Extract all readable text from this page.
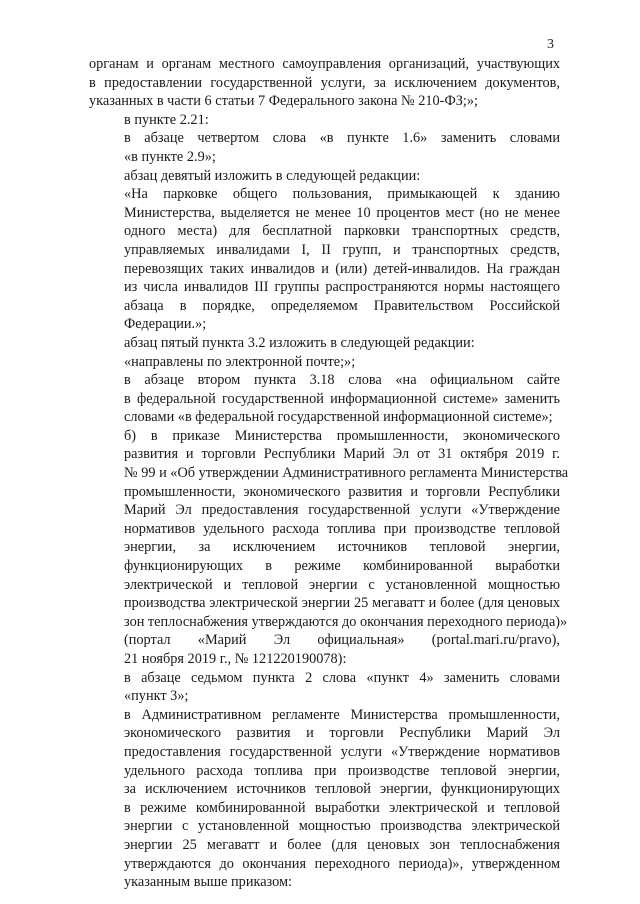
3

органам и органам местного самоуправления организаций, участвующих
в предоставлении государственной услуги, за исключением документов,
указанных в части 6 статьи 7 Федерального закона № 210-ФЗ;»;

в пункте 2.21:

в абзаце четвертом слова «в пункте 1.6» заменить словами
«в пункте 2.9»;

абзац девятый изложить в следующей редакции:

«На парковке общего пользования, примыкающей к зданию
Министерства, выделяется не менее 10 процентов мест (но не менее
одного места) для бесплатной парковки транспортных средств,
управляемых инвалидами I, II групп, и транспортных средств,
перевозящих таких инвалидов и (или) детей-инвалидов. На граждан
из числа инвалидов III группы распространяются нормы настоящего
абзаца в порядке, определяемом Правительством Российской
Федерации.»;

абзац пятый пункта 3.2 изложить в следующей редакции:

«направлены по электронной почте;»;

в абзаце втором пункта 3.18 слова «на официальном сайте
в федеральной государственной информационной системе» заменить
словами «в федеральной государственной информационной системе»;

б) в приказе Министерства промышленности, экономического
развития и торговли Республики Марий Эл от 31 октября 2019 г.
№ 99 и «Об утверждении Административного регламента Министерства
промышленности, экономического развития и торговли Республики
Марий Эл предоставления государственной услуги «Утверждение
нормативов удельного расхода топлива при производстве тепловой
энергии, за исключением источников тепловой энергии,
функционирующих в режиме комбинированной выработки
электрической и тепловой энергии с установленной мощностью
производства электрической энергии 25 мегаватт и более (для ценовых
зон теплоснабжения утверждаются до окончания переходного периода)»
(портал «Марий Эл официальная» (portal.mari.ru/pravo),
21 ноября 2019 г., № 121220190078):

в абзаце седьмом пункта 2 слова «пункт 4» заменить словами
«пункт 3»;

в Административном регламенте Министерства промышленности,
экономического развития и торговли Республики Марий Эл
предоставления государственной услуги «Утверждение нормативов
удельного расхода топлива при производстве тепловой энергии,
за исключением источников тепловой энергии, функционирующих
в режиме комбинированной выработки электрической и тепловой
энергии с установленной мощностью производства электрической
энергии 25 мегаватт и более (для ценовых зон теплоснабжения
утверждаются до окончания переходного периода)», утвержденном
указанным выше приказом:
